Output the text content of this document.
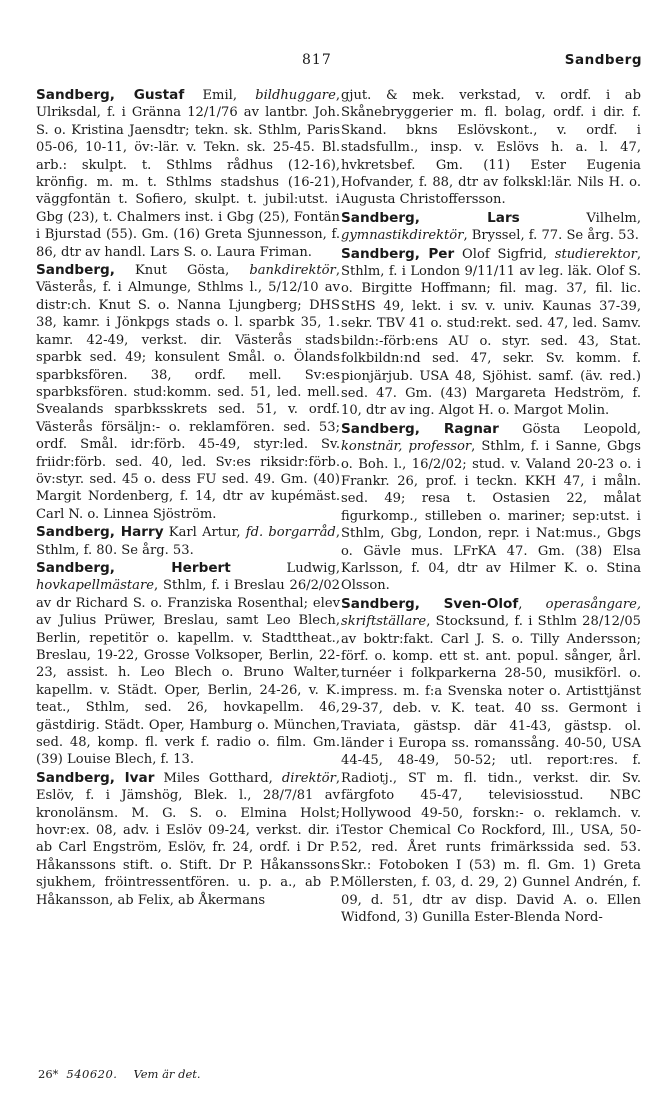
817	Sandberg

Sandberg, Gustaf Emil, bildhuggare, Ulriksdal, f. i Gränna 12/1/76 av lantbr. Joh. S. o. Kristina Jaensdtr; tekn. sk. Sthlm, Paris 05-06, 10-11, öv:-lär. v. Tekn. sk. 25-45. Bl. arb.: skulpt. t. Sthlms rådhus (12-16), krönfig. m. m. t. Sthlms stadshus (16-21), väggfontän t. Sofiero, skulpt. t. jubil:utst. i Gbg (23), t. Chalmers inst. i Gbg (25), Fontän i Bjurstad (55). Gm. (16) Greta Sjunnesson, f. 86, dtr av handl. Lars S. o. Laura Friman.

Sandberg, Knut Gösta, bankdirektör, Västerås, f. i Almunge, Sthlms l., 5/12/10 av distr:ch. Knut S. o. Nanna Ljungberg; DHS 38, kamr. i Jönkpgs stads o. l. sparbk 35, 1. kamr. 42-49, verkst. dir. Västerås stads sparbk sed. 49; konsulent Smål. o. Ölands sparbksfören. 38, ordf. mell. Sv:es sparbksfören. stud:komm. sed. 51, led. mell. Svealands sparbksskrets sed. 51, v. ordf. Västerås försäljn:- o. reklamfören. sed. 53; ordf. Smål. idr:förb. 45-49, styr:led. Sv. friidr:förb. sed. 40, led. Sv:es riksidr:förb. öv:styr. sed. 45 o. dess FU sed. 49. Gm. (40) Margit Nordenberg, f. 14, dtr av kupémäst. Carl N. o. Linnea Sjöström.

Sandberg, Harry Karl Artur, fd. borgarråd, Sthlm, f. 80. Se årg. 53.

Sandberg, Herbert Ludwig, hovkapellmästare, Sthlm, f. i Breslau 26/2/02 av dr Richard S. o. Franziska Rosenthal; elev av Julius Prüwer, Breslau, samt Leo Blech, Berlin, repetitör o. kapellm. v. Stadttheat., Breslau, 19-22, Grosse Volksoper, Berlin, 22-23, assist. h. Leo Blech o. Bruno Walter, kapellm. v. Städt. Oper, Berlin, 24-26, v. K. teat., Sthlm, sed. 26, hovkapellm. 46, gästdirig. Städt. Oper, Hamburg o. München, sed. 48, komp. fl. verk f. radio o. film. Gm. (39) Louise Blech, f. 13.

Sandberg, Ivar Miles Gotthard, direktör, Eslöv, f. i Jämshög, Blek. l., 28/7/81 av kronolänsm. M. G. S. o. Elmina Holst; hovr:ex. 08, adv. i Eslöv 09-24, verkst. dir. i ab Carl Engström, Eslöv, fr. 24, ordf. i Dr P. Håkanssons stift. o. Stift. Dr P. Håkanssons sjukhem, fröintressentfören. u. p. a., ab P. Håkansson, ab Felix, ab Åkermans

gjut. & mek. verkstad, v. ordf. i ab Skånebryggerier m. fl. bolag, ordf. i dir. f. Skand. bkns Eslövskont., v. ordf. i stadsfullm., insp. v. Eslövs h. a. l. 47, hvkretsbef. Gm. (11) Ester Eugenia Hofvander, f. 88, dtr av folkskl:lär. Nils H. o. Augusta Christoffersson.

Sandberg, Lars Vilhelm, gymnastikdirektör, Bryssel, f. 77. Se årg. 53.

Sandberg, Per Olof Sigfrid, studierektor, Sthlm, f. i London 9/11/11 av leg. läk. Olof S. o. Birgitte Hoffmann; fil. mag. 37, fil. lic. StHS 49, lekt. i sv. v. univ. Kaunas 37-39, sekr. TBV 41 o. stud:rekt. sed. 47, led. Samv. bildn:-förb:ens AU o. styr. sed. 43, Stat. folkbildn:nd sed. 47, sekr. Sv. komm. f. pionjärjub. USA 48, Sjöhist. samf. (äv. red.) sed. 47. Gm. (43) Margareta Hedström, f. 10, dtr av ing. Algot H. o. Margot Molin.

Sandberg, Ragnar Gösta Leopold, konstnär, professor, Sthlm, f. i Sanne, Gbgs o. Boh. l., 16/2/02; stud. v. Valand 20-23 o. i Frankr. 26, prof. i teckn. KKH 47, i måln. sed. 49; resa t. Ostasien 22, målat figurkomp., stilleben o. mariner; sep:utst. i Sthlm, Gbg, London, repr. i Nat:mus., Gbgs o. Gävle mus. LFrKA 47. Gm. (38) Elsa Karlsson, f. 04, dtr av Hilmer K. o. Stina Olsson.

Sandberg, Sven-Olof, operasångare, skriftställare, Stocksund, f. i Sthlm 28/12/05 av boktr:fakt. Carl J. S. o. Tilly Andersson; förf. o. komp. ett st. ant. popul. sånger, årl. turnéer i folkparkerna 28-50, musikförl. o. impress. m. f:a Svenska noter o. Artisttjänst 29-37, deb. v. K. teat. 40 ss. Germont i Traviata, gästsp. där 41-43, gästsp. ol. länder i Europa ss. romanssång. 40-50, USA 44-45, 48-49, 50-52; utl. report:res. f. Radiotj., ST m. fl. tidn., verkst. dir. Sv. färgfoto 45-47, televisiosstud. NBC Hollywood 49-50, forskn:- o. reklamch. v. Testor Chemical Co Rockford, Ill., USA, 50-52, red. Året runts frimärkssida sed. 53. Skr.: Fotoboken I (53) m. fl. Gm. 1) Greta Möllersten, f. 03, d. 29, 2) Gunnel Andrén, f. 09, d. 51, dtr av disp. David A. o. Ellen Widfond, 3) Gunilla Ester-Blenda Nord-

26* 540620. Vem är det.
